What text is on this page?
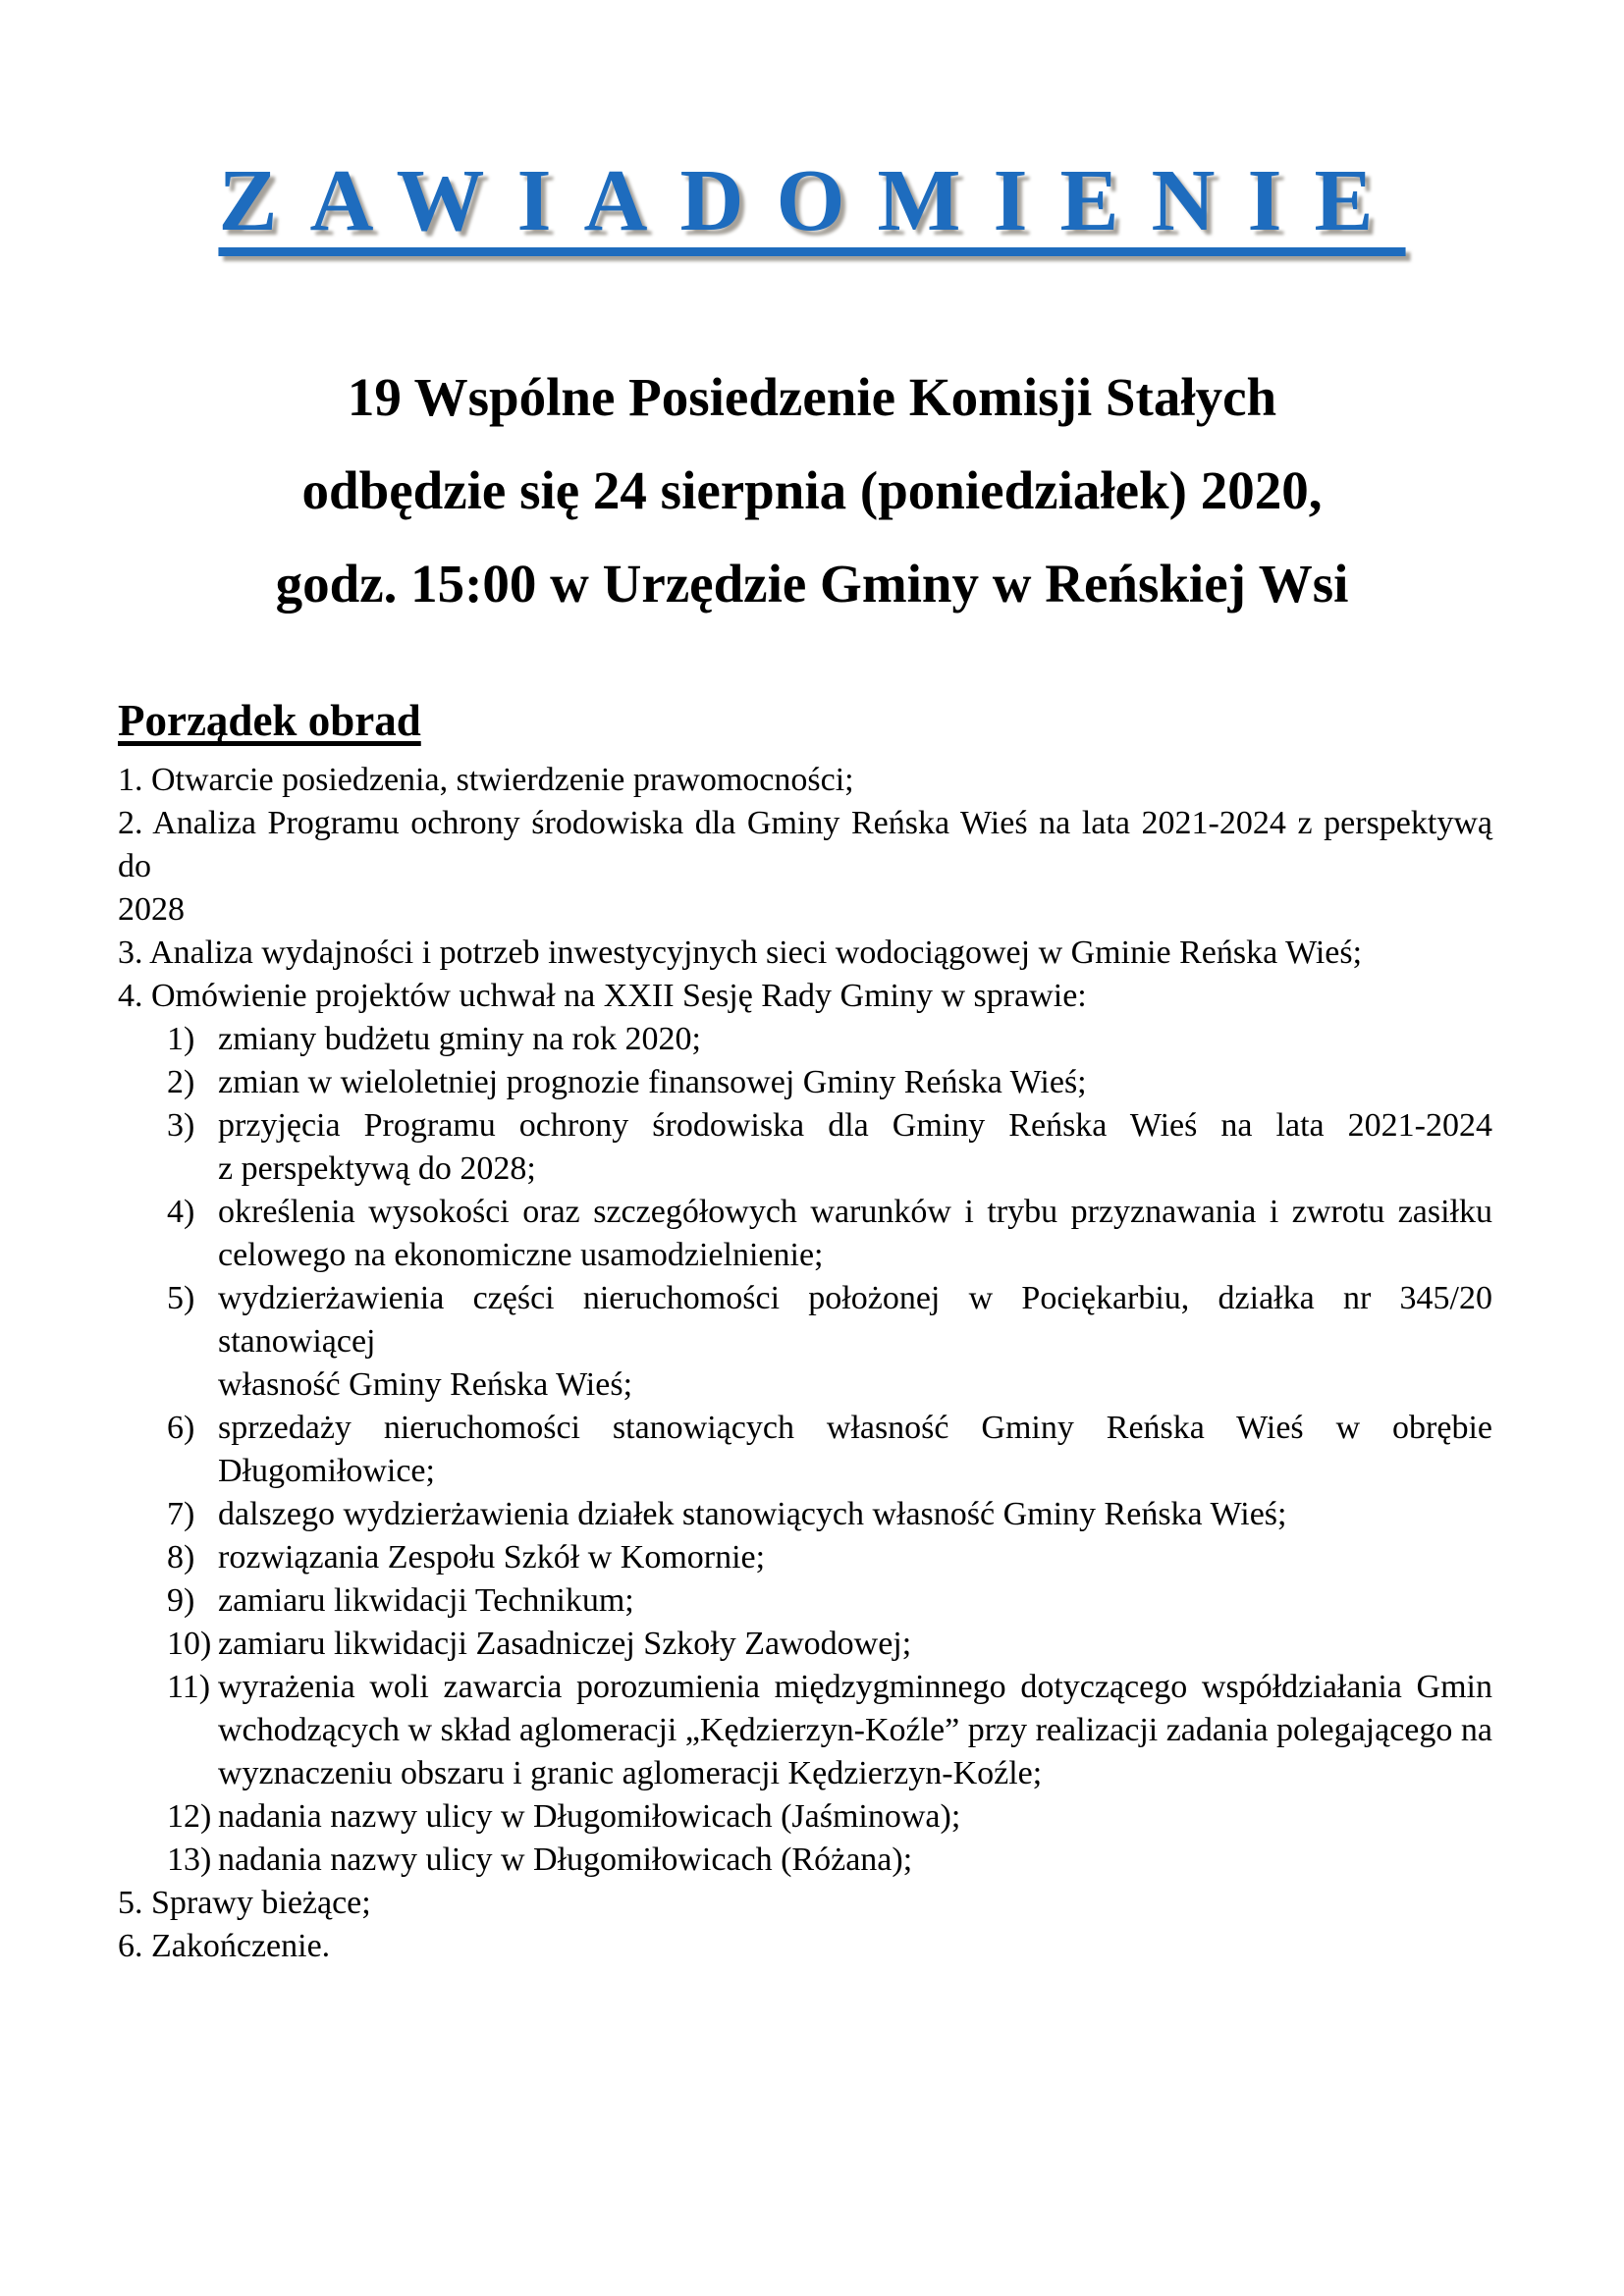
ZAWIADOMIENIE
19 Wspólne Posiedzenie Komisji Stałych
odbędzie się 24 sierpnia (poniedziałek) 2020,
godz. 15:00 w Urzędzie Gminy w Reńskiej Wsi
Porządek obrad
1. Otwarcie posiedzenia, stwierdzenie prawomocności;
2. Analiza Programu ochrony środowiska dla Gminy Reńska Wieś na lata 2021-2024 z perspektywą do
2028
3. Analiza wydajności i potrzeb inwestycyjnych sieci wodociągowej w Gminie Reńska Wieś;
4. Omówienie projektów uchwał na XXII Sesję Rady Gminy w sprawie:
1) zmiany budżetu gminy na rok 2020;
2) zmian w wieloletniej prognozie finansowej Gminy Reńska Wieś;
3) przyjęcia Programu ochrony środowiska dla Gminy Reńska Wieś na lata 2021-2024
z perspektywą do 2028;
4) określenia wysokości oraz szczegółowych warunków i trybu przyznawania i zwrotu zasiłku
celowego na ekonomiczne usamodzielnienie;
5) wydzierżawienia części nieruchomości położonej w Pociękarbiu, działka nr 345/20 stanowiącej
własność Gminy Reńska Wieś;
6) sprzedaży nieruchomości stanowiących własność Gminy Reńska Wieś w obrębie
Długomiłowice;
7) dalszego wydzierżawienia działek stanowiących własność Gminy Reńska Wieś;
8) rozwiązania Zespołu Szkół w Komornie;
9) zamiaru likwidacji Technikum;
10) zamiaru likwidacji Zasadniczej Szkoły Zawodowej;
11) wyrażenia woli zawarcia porozumienia międzygminnego dotyczącego współdziałania Gmin
wchodzących w skład aglomeracji „Kędzierzyn-Koźle” przy realizacji zadania polegającego na
wyznaczeniu obszaru i granic aglomeracji Kędzierzyn-Koźle;
12) nadania nazwy ulicy w Długomiłowicach (Jaśminowa);
13) nadania nazwy ulicy w Długomiłowicach (Różana);
5. Sprawy bieżące;
6. Zakończenie.
